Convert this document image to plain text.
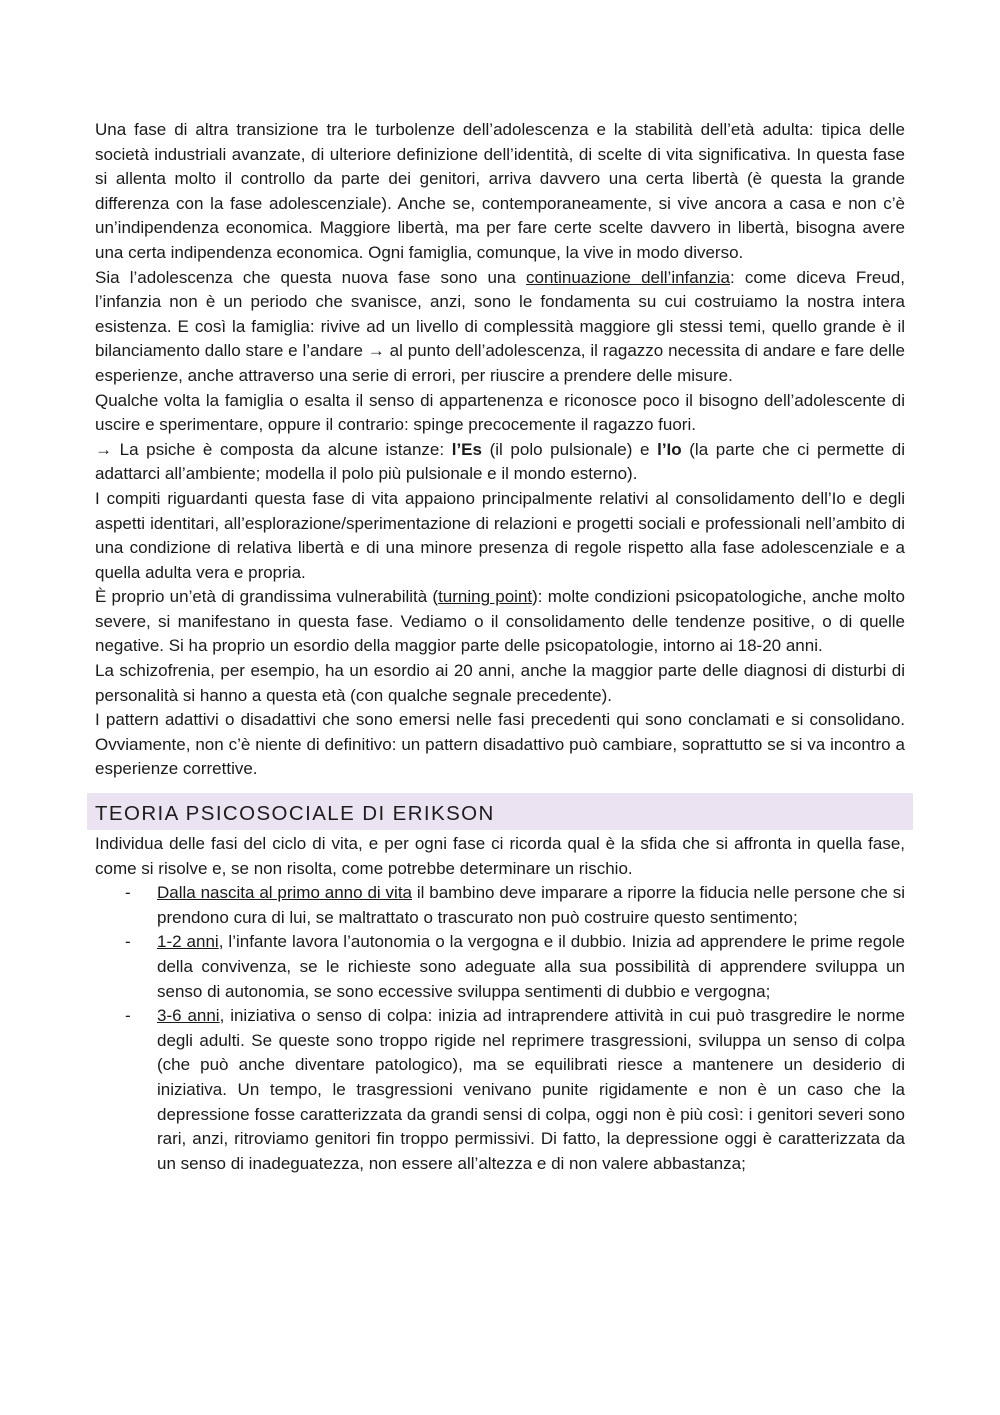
Una fase di altra transizione tra le turbolenze dell’adolescenza e la stabilità dell’età adulta: tipica delle società industriali avanzate, di ulteriore definizione dell’identità, di scelte di vita significativa. In questa fase si allenta molto il controllo da parte dei genitori, arriva davvero una certa libertà (è questa la grande differenza con la fase adolescenziale). Anche se, contemporaneamente, si vive ancora a casa e non c’è un’indipendenza economica. Maggiore libertà, ma per fare certe scelte davvero in libertà, bisogna avere una certa indipendenza economica. Ogni famiglia, comunque, la vive in modo diverso.

Sia l’adolescenza che questa nuova fase sono una continuazione dell’infanzia: come diceva Freud, l’infanzia non è un periodo che svanisce, anzi, sono le fondamenta su cui costruiamo la nostra intera esistenza. E così la famiglia: rivive ad un livello di complessità maggiore gli stessi temi, quello grande è il bilanciamento dallo stare e l’andare → al punto dell’adolescenza, il ragazzo necessita di andare e fare delle esperienze, anche attraverso una serie di errori, per riuscire a prendere delle misure.

Qualche volta la famiglia o esalta il senso di appartenenza e riconosce poco il bisogno dell’adolescente di uscire e sperimentare, oppure il contrario: spinge precocemente il ragazzo fuori.

→ La psiche è composta da alcune istanze: l’Es (il polo pulsionale) e l’Io (la parte che ci permette di adattarci all’ambiente; modella il polo più pulsionale e il mondo esterno).

I compiti riguardanti questa fase di vita appaiono principalmente relativi al consolidamento dell’Io e degli aspetti identitari, all’esplorazione/sperimentazione di relazioni e progetti sociali e professionali nell’ambito di una condizione di relativa libertà e di una minore presenza di regole rispetto alla fase adolescenziale e a quella adulta vera e propria.

È proprio un’età di grandissima vulnerabilità (turning point): molte condizioni psicopatologiche, anche molto severe, si manifestano in questa fase. Vediamo o il consolidamento delle tendenze positive, o di quelle negative. Si ha proprio un esordio della maggior parte delle psicopatologie, intorno ai 18-20 anni.

La schizofrenia, per esempio, ha un esordio ai 20 anni, anche la maggior parte delle diagnosi di disturbi di personalità si hanno a questa età (con qualche segnale precedente).

I pattern adattivi o disadattivi che sono emersi nelle fasi precedenti qui sono conclamati e si consolidano. Ovviamente, non c’è niente di definitivo: un pattern disadattivo può cambiare, soprattutto se si va incontro a esperienze correttive.

TEORIA PSICOSOCIALE DI ERIKSON

Individua delle fasi del ciclo di vita, e per ogni fase ci ricorda qual è la sfida che si affronta in quella fase, come si risolve e, se non risolta, come potrebbe determinare un rischio.

- Dalla nascita al primo anno di vita il bambino deve imparare a riporre la fiducia nelle persone che si prendono cura di lui, se maltrattato o trascurato non può costruire questo sentimento;
- 1-2 anni, l’infante lavora l’autonomia o la vergogna e il dubbio. Inizia ad apprendere le prime regole della convivenza, se le richieste sono adeguate alla sua possibilità di apprendere sviluppa un senso di autonomia, se sono eccessive sviluppa sentimenti di dubbio e vergogna;
- 3-6 anni, iniziativa o senso di colpa: inizia ad intraprendere attività in cui può trasgredire le norme degli adulti. Se queste sono troppo rigide nel reprimere trasgressioni, sviluppa un senso di colpa (che può anche diventare patologico), ma se equilibrati riesce a mantenere un desiderio di iniziativa. Un tempo, le trasgressioni venivano punite rigidamente e non è un caso che la depressione fosse caratterizzata da grandi sensi di colpa, oggi non è più così: i genitori severi sono rari, anzi, ritroviamo genitori fin troppo permissivi. Di fatto, la depressione oggi è caratterizzata da un senso di inadeguatezza, non essere all’altezza e di non valere abbastanza;
